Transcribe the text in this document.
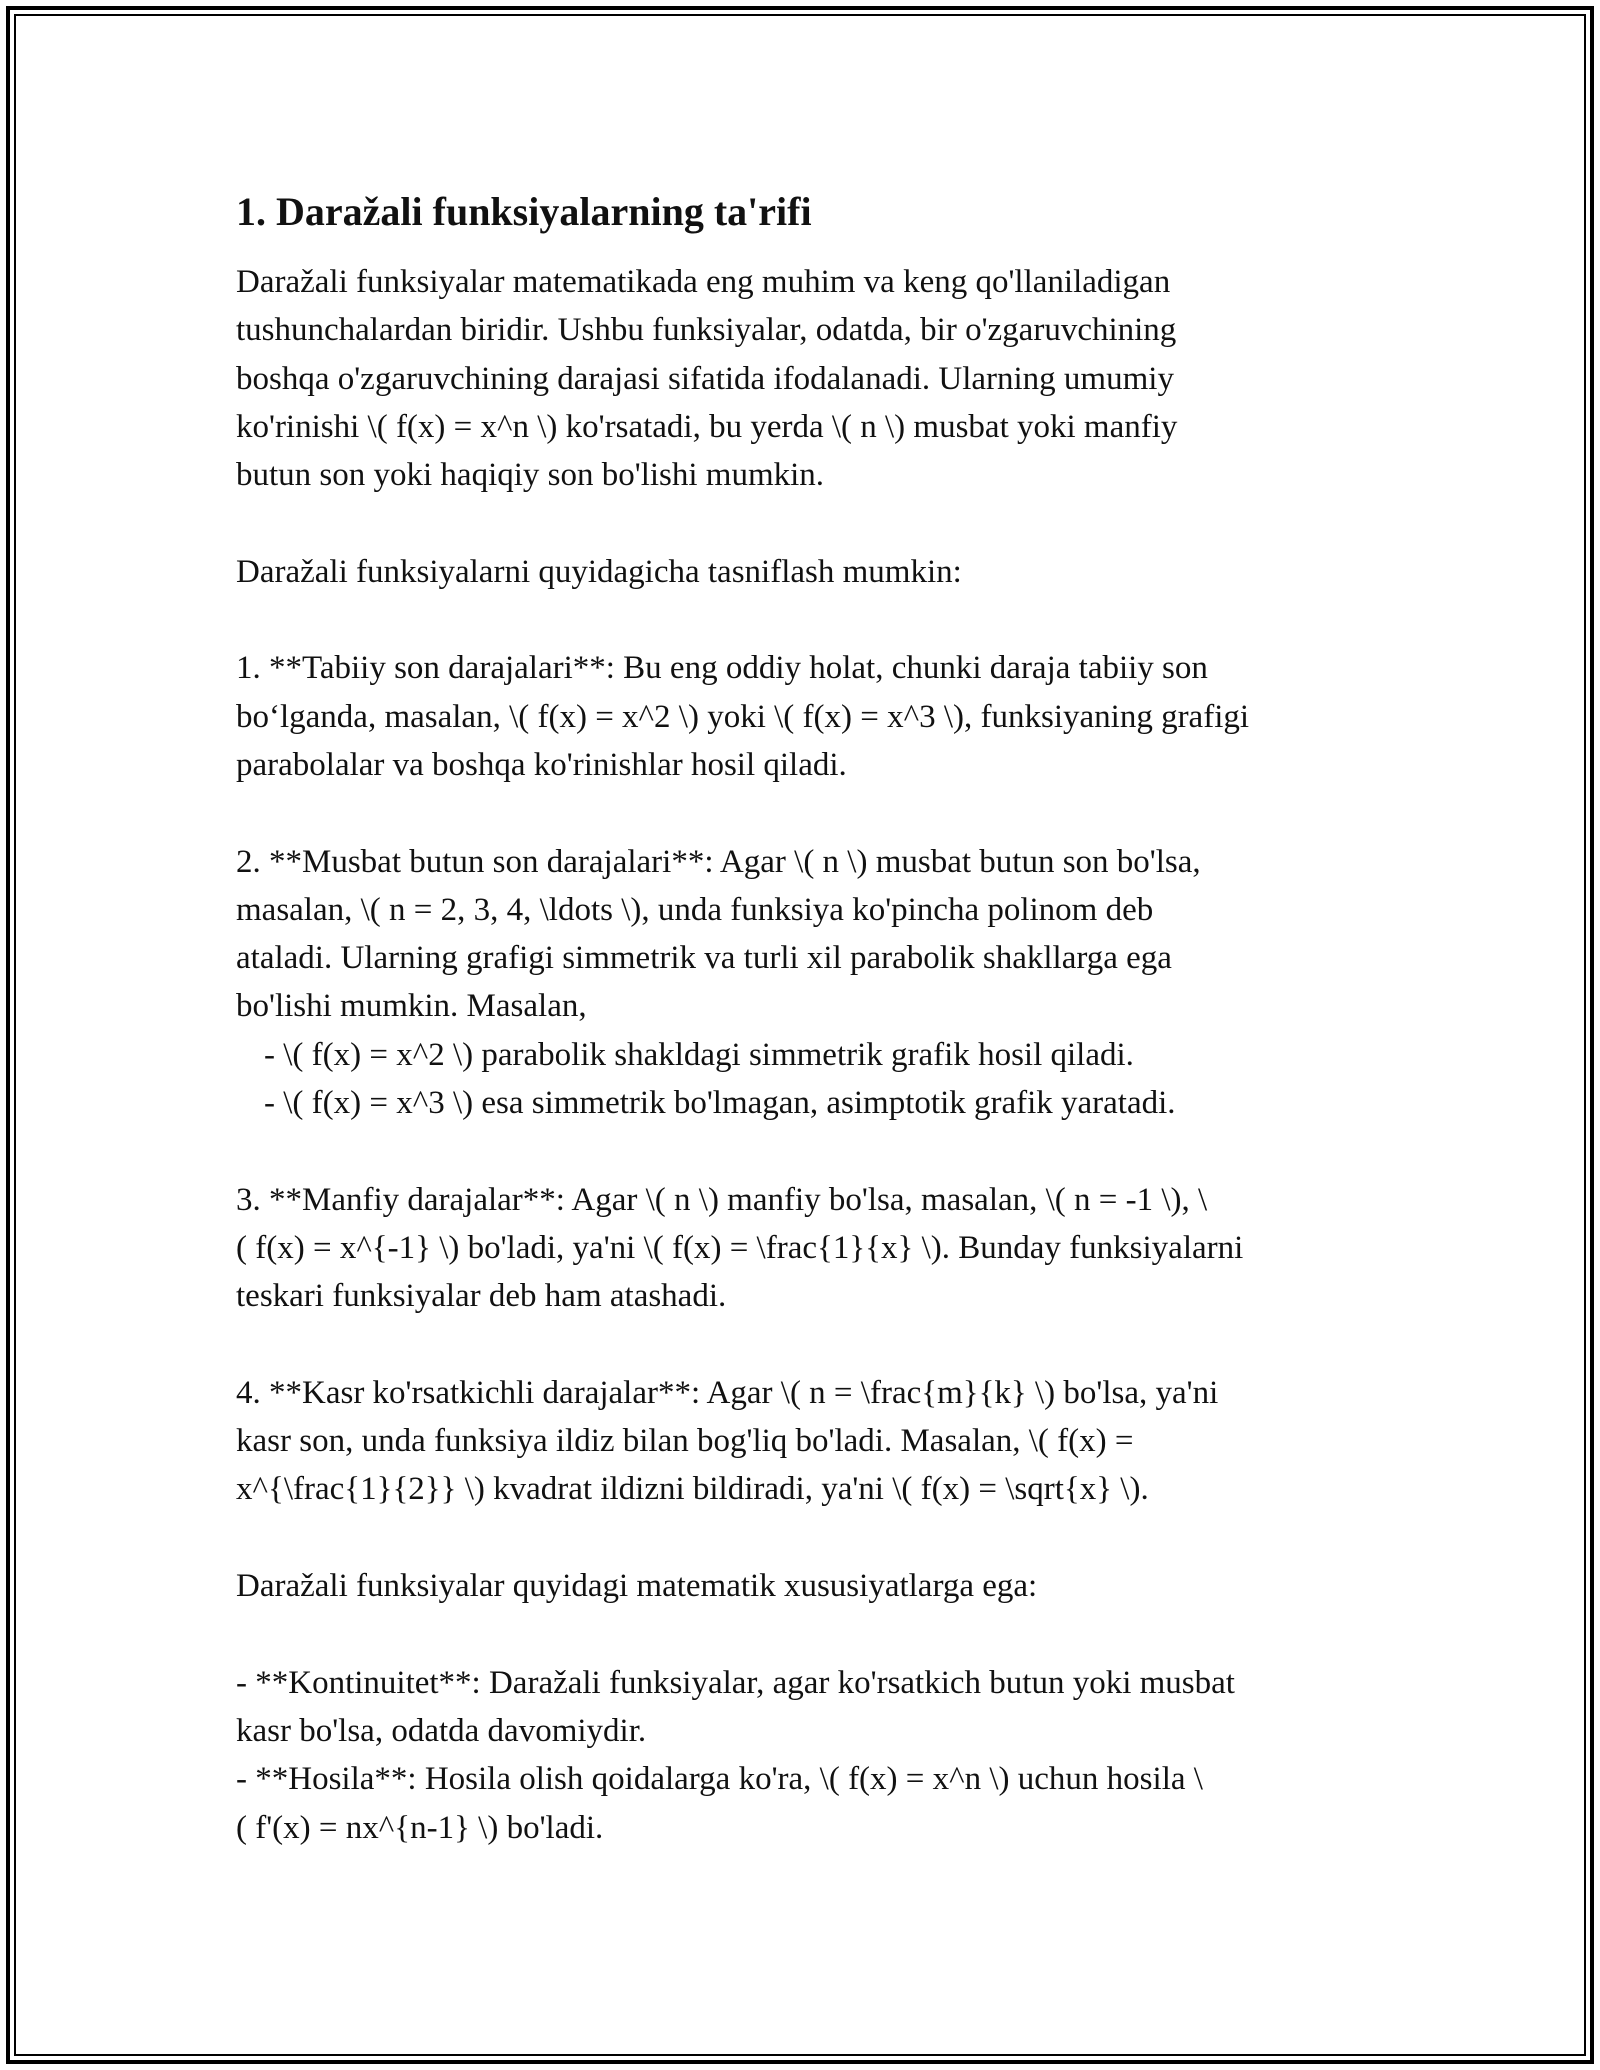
1. Daražali funksiyalarning ta'rifi

Daražali funksiyalar matematikada eng muhim va keng qo'llaniladigan

tushunchalardan biridir. Ushbu funksiyalar, odatda, bir o'zgaruvchining

boshqa o'zgaruvchining darajasi sifatida ifodalanadi. Ularning umumiy

ko'rinishi \( f(x) = x^n \) ko'rsatadi, bu yerda \( n \) musbat yoki manfiy

butun son yoki haqiqiy son bo'lishi mumkin.

Daražali funksiyalarni quyidagicha tasniflash mumkin:

1. **Tabiiy son darajalari**: Bu eng oddiy holat, chunki daraja tabiiy son

bo‘lganda, masalan, \( f(x) = x^2 \) yoki \( f(x) = x^3 \), funksiyaning grafigi

parabolalar va boshqa ko'rinishlar hosil qiladi.

2. **Musbat butun son darajalari**: Agar \( n \) musbat butun son bo'lsa,

masalan, \( n = 2, 3, 4, \ldots \), unda funksiya ko'pincha polinom deb

ataladi. Ularning grafigi simmetrik va turli xil parabolik shakllarga ega

bo'lishi mumkin. Masalan,

- \( f(x) = x^2 \) parabolik shakldagi simmetrik grafik hosil qiladi.

- \( f(x) = x^3 \) esa simmetrik bo'lmagan, asimptotik grafik yaratadi.

3. **Manfiy darajalar**: Agar \( n \) manfiy bo'lsa, masalan, \( n = -1 \), \

( f(x) = x^{-1} \) bo'ladi, ya'ni \( f(x) = \frac{1}{x} \). Bunday funksiyalarni

teskari funksiyalar deb ham atashadi.

4. **Kasr ko'rsatkichli darajalar**: Agar \( n = \frac{m}{k} \) bo'lsa, ya'ni

kasr son, unda funksiya ildiz bilan bog'liq bo'ladi. Masalan, \( f(x) =

x^{\frac{1}{2}} \) kvadrat ildizni bildiradi, ya'ni \( f(x) = \sqrt{x} \).

Daražali funksiyalar quyidagi matematik xususiyatlarga ega:

- **Kontinuitet**: Daražali funksiyalar, agar ko'rsatkich butun yoki musbat

kasr bo'lsa, odatda davomiydir.

- **Hosila**: Hosila olish qoidalarga ko'ra, \( f(x) = x^n \) uchun hosila \

( f'(x) = nx^{n-1} \) bo'ladi.
